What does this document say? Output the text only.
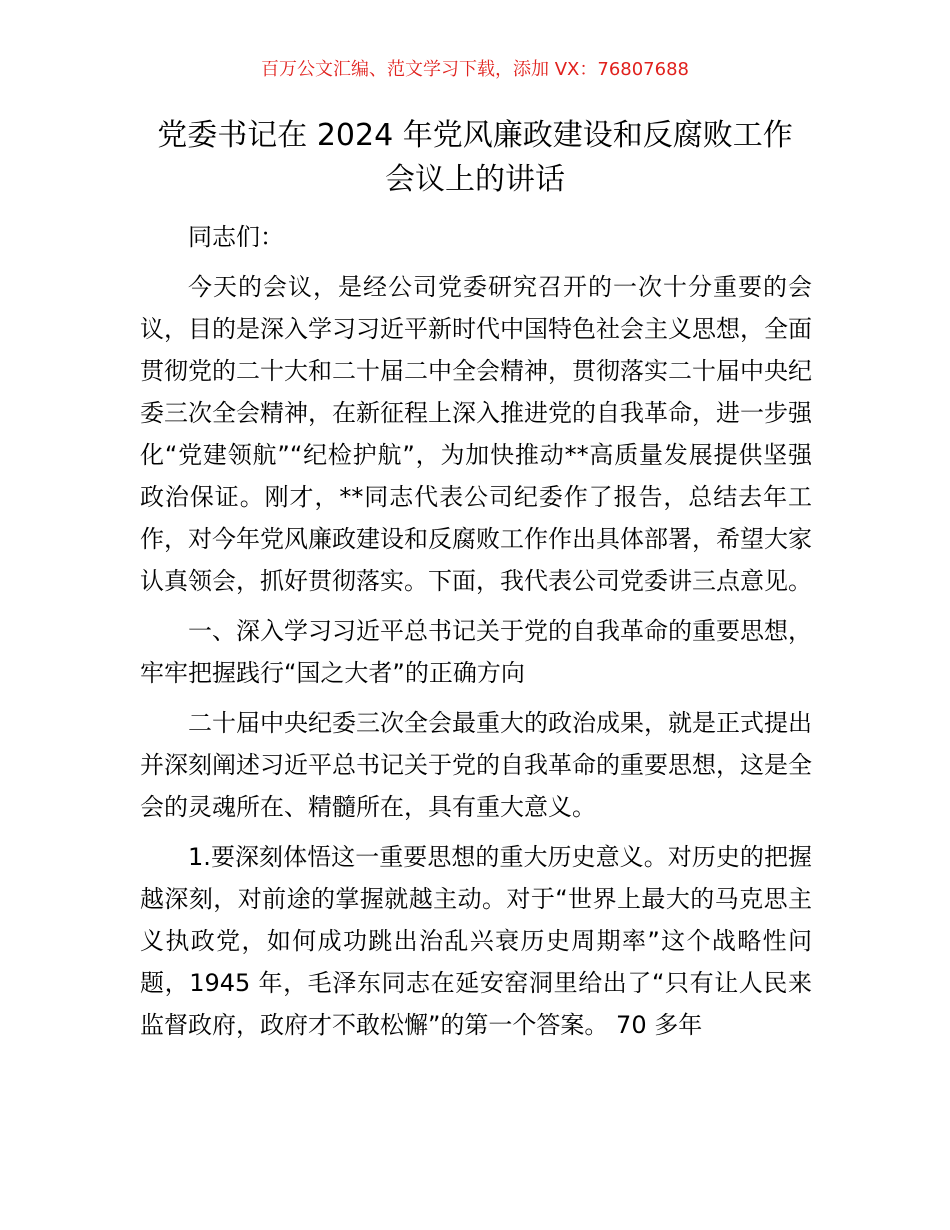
百万公文汇编、范文学习下载，添加 VX：76807688
党委书记在 2024 年党风廉政建设和反腐败工作
会议上的讲话

同志们：

今天的会议，是经公司党委研究召开的一次十分重要的会议，目的是深入学习习近平新时代中国特色社会主义思想，全面贯彻党的二十大和二十届二中全会精神，贯彻落实二十届中央纪委三次全会精神，在新征程上深入推进党的自我革命，进一步强化“党建领航”“纪检护航”，为加快推动**高质量发展提供坚强政治保证。刚才，**同志代表公司纪委作了报告，总结去年工作，对今年党风廉政建设和反腐败工作作出具体部署，希望大家认真领会，抓好贯彻落实。下面，我代表公司党委讲三点意见。

一、深入学习习近平总书记关于党的自我革命的重要思想，牢牢把握践行“国之大者”的正确方向

二十届中央纪委三次全会最重大的政治成果，就是正式提出并深刻阐述习近平总书记关于党的自我革命的重要思想，这是全会的灵魂所在、精髓所在，具有重大意义。

1.要深刻体悟这一重要思想的重大历史意义。对历史的把握越深刻，对前途的掌握就越主动。对于“世界上最大的马克思主义执政党，如何成功跳出治乱兴衰历史周期率”这个战略性问题，1945 年，毛泽东同志在延安窑洞里给出了“只有让人民来监督政府，政府才不敢松懈”的第一个答案。 70 多年
